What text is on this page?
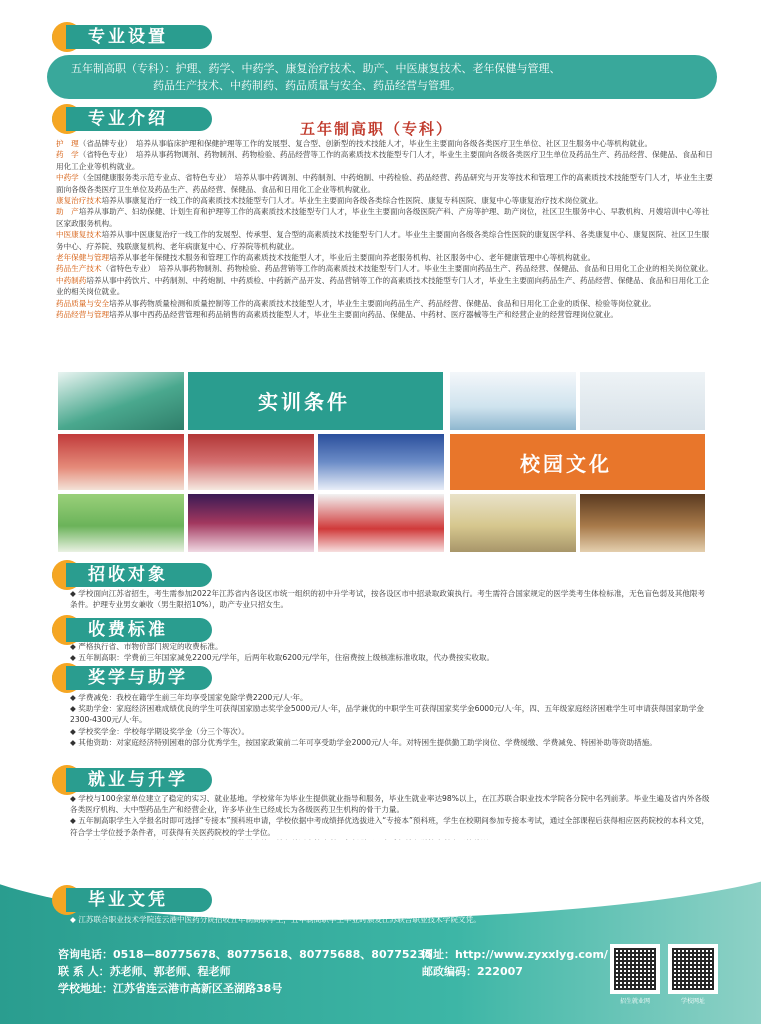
专业设置
五年制高职（专科）：护理、药学、中药学、康复治疗技术、助产、中医康复技术、老年保健与管理、
药品生产技术、中药制药、药品质量与安全、药品经营与管理。
专业介绍	五年制高职（专科）

护　理（省品牌专业）　培养从事临床护理和保健护理等工作的发展型、复合型、创新型的技术技能人才，毕业生主要面向各级各类医疗卫生单位、社区卫生服务中心等机构就业。

药　学（省特色专业）　培养从事药物调剂、药物制剂、药物检验、药品经营等工作的高素质技术技能型专门人才，毕业生主要面向各级各类医疗卫生单位及药品生产、药品经营、保健品、食品和日用化工企业等机构就业。

中药学（全国健康服务类示范专业点、省特色专业）　培养从事中药调剂、中药制剂、中药炮制、中药检验、药品经营、药品研究与开发等技术和管理工作的高素质技术技能型专门人才，毕业生主要面向各级各类医疗卫生单位及药品生产、药品经营、保健品、食品和日用化工企业等机构就业。

康复治疗技术培养从事康复治疗一线工作的高素质技术技能型专门人才。毕业生主要面向各级各类综合性医院、康复专科医院、康复中心等康复治疗技术岗位就业。

助　产培养从事助产、妇幼保健、计划生育和护理等工作的高素质技术技能型专门人才，毕业生主要面向各级医院产科、产房等护理、助产岗位，社区卫生服务中心、早教机构、月嫂培训中心等社区家政服务机构。

中医康复技术培养从事中医康复治疗一线工作的发展型、传承型、复合型的高素质技术技能型专门人才。毕业生主要面向各级各类综合性医院的康复医学科、各类康复中心、康复医院、社区卫生服务中心、疗养院、残联康复机构、老年病康复中心、疗养院等机构就业。

老年保健与管理培养从事老年保健技术服务和管理工作的高素质技术技能型人才，毕业后主要面向养老服务机构、社区服务中心、老年健康管理中心等机构就业。

药品生产技术（省特色专业）　培养从事药物制剂、药物检验、药品营销等工作的高素质技术技能型专门人才。毕业生主要面向药品生产、药品经营、保健品、食品和日用化工企业的相关岗位就业。

中药制药培养从事中药饮片、中药制剂、中药炮制、中药质检、中药新产品开发、药品营销等工作的高素质技术技能型专门人才，毕业生主要面向药品生产、药品经营、保健品、食品和日用化工企业的相关岗位就业。

药品质量与安全培养从事药物质量检测和质量控制等工作的高素质技术技能型人才，毕业生主要面向药品生产、药品经营、保健品、食品和日用化工企业的质保、检验等岗位就业。

药品经营与管理培养从事中西药品经营管理和药品销售的高素质技能型人才，毕业生主要面向药品、保健品、中药材、医疗器械等生产和经营企业的经营管理岗位就业。

实训条件
校园文化
招收对象

◆ 学校面向江苏省招生，考生需参加2022年江苏省内各设区市统一组织的初中升学考试，按各设区市中招录取政策执行。考生需符合国家规定的医学类考生体检标准，无色盲色弱及其他限考条件。护理专业男女兼收（男生限招10%），助产专业只招女生。

收费标准

◆ 严格执行省、市物价部门规定的收费标准。

◆ 五年制高职：学费前三年国家减免2200元/学年，后两年收取6200元/学年，住宿费按上级核准标准收取，代办费按实收取。

奖学与助学

◆ 学费减免：我校在籍学生前三年均享受国家免除学费2200元/人·年。

◆ 奖助学金：家庭经济困难成绩优良的学生可获得国家励志奖学金5000元/人·年，品学兼优的中职学生可获得国家奖学金6000元/人·年，四、五年级家庭经济困难学生可申请获得国家助学金2300-4300元/人·年。

◆ 学校奖学金：学校每学期设奖学金（分三个等次）。

◆ 其他资助：对家庭经济特别困难的部分优秀学生，按国家政策前二年可享受助学金2000元/人·年。对特困生提供勤工助学岗位、学费缓缴、学费减免、特困补助等资助措施。

就业与升学

◆ 学校与100余家单位建立了稳定的实习、就业基地。学校常年为毕业生提供就业指导和服务，毕业生就业率达98%以上，在江苏联合职业技术学院各分院中名列前茅。毕业生遍及省内外各级各类医疗机构、大中型药品生产和经营企业，许多毕业生已经成长为各级医药卫生机构的骨干力量。

◆ 五年制高职学生入学报名时即可选择“专接本”预科班申请，学校依据中考成绩择优选拔进入“专接本”预科班，学生在校期间参加专接本考试，通过全部课程后获得相应医药院校的本科文凭，符合学士学位授予条件者，可获得有关医药院校的学士学位。

毕业文凭

◆ 江苏联合职业技术学院连云港中医药分院招收五年制高职学生，五年制高职学生毕业时颁发江苏联合职业技术学院文凭。

咨询电话：0518—80775678、80775618、80775688、80775235
联 系 人：苏老师、郭老师、程老师
学校地址：江苏省连云港市高新区圣湖路38号
网址：http://www.zyxxlyg.com/
邮政编码：222007
招生就业网	学校网址
